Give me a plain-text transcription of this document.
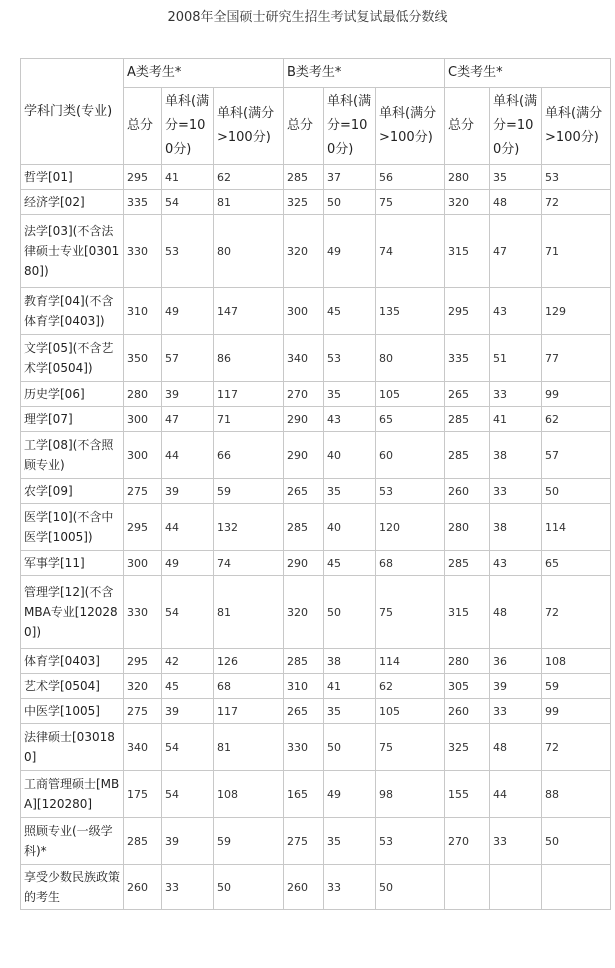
2008年全国硕士研究生招生考试复试最低分数线
学科门类(专业)	A类考生*			B类考生*			C类考生*		
	总分	单科(满分=100分)	单科(满分>100分)	总分	单科(满分=100分)	单科(满分>100分)	总分	单科(满分=100分)	单科(满分>100分)
哲学[01]	295	41	62	285	37	56	280	35	53
经济学[02]	335	54	81	325	50	75	320	48	72
法学[03](不含法律硕士专业[030180])	330	53	80	320	49	74	315	47	71
教育学[04](不含体育学[0403])	310	49	147	300	45	135	295	43	129
文学[05](不含艺术学[0504])	350	57	86	340	53	80	335	51	77
历史学[06]	280	39	117	270	35	105	265	33	99
理学[07]	300	47	71	290	43	65	285	41	62
工学[08](不含照顾专业)	300	44	66	290	40	60	285	38	57
农学[09]	275	39	59	265	35	53	260	33	50
医学[10](不含中医学[1005])	295	44	132	285	40	120	280	38	114
军事学[11]	300	49	74	290	45	68	285	43	65
管理学[12](不含MBA专业[120280])	330	54	81	320	50	75	315	48	72
体育学[0403]	295	42	126	285	38	114	280	36	108
艺术学[0504]	320	45	68	310	41	62	305	39	59
中医学[1005]	275	39	117	265	35	105	260	33	99
法律硕士[030180]	340	54	81	330	50	75	325	48	72
工商管理硕士[MBA][120280]	175	54	108	165	49	98	155	44	88
照顾专业(一级学科)*	285	39	59	275	35	53	270	33	50
享受少数民族政策的考生	260	33	50	260	33	50			
